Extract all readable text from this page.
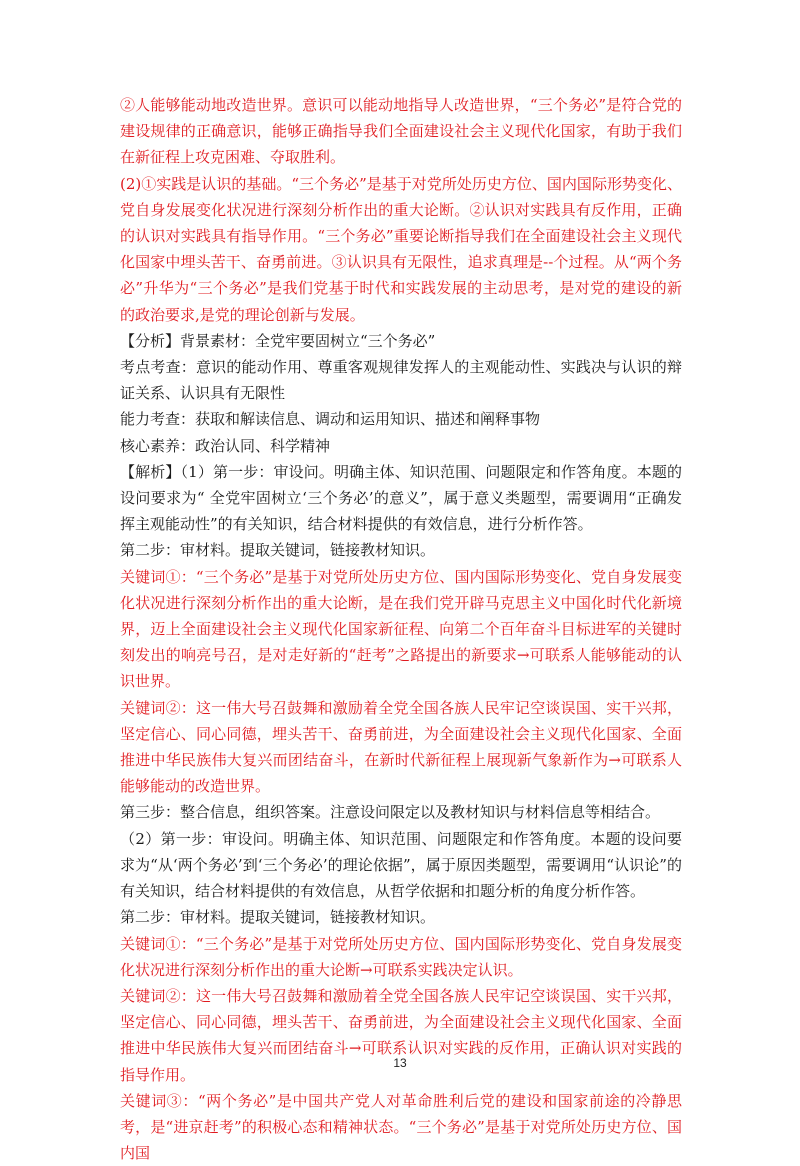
②人能够能动地改造世界。意识可以能动地指导人改造世界，“三个务必”是符合党的建设规律的正确意识，能够正确指导我们全面建设社会主义现代化国家，有助于我们在新征程上攻克困难、夺取胜利。

(2)①实践是认识的基础。“三个务必”是基于对党所处历史方位、国内国际形势变化、党自身发展变化状况进行深刻分析作出的重大论断。②认识对实践具有反作用，正确的认识对实践具有指导作用。“三个务必”重要论断指导我们在全面建设社会主义现代化国家中埋头苦干、奋勇前进。③认识具有无限性，追求真理是--个过程。从“两个务必”升华为“三个务必”是我们党基于时代和实践发展的主动思考，是对党的建设的新的政治要求,是党的理论创新与发展。

【分析】背景素材：全党牢要固树立“三个务必”

考点考查：意识的能动作用、尊重客观规律发挥人的主观能动性、实践决与认识的辩证关系、认识具有无限性

能力考查：获取和解读信息、调动和运用知识、描述和阐释事物

核心素养：政治认同、科学精神

【解析】（1）第一步：审设问。明确主体、知识范围、问题限定和作答角度。本题的设问要求为“ 全党牢固树立‘三个务必’的意义”，属于意义类题型，需要调用“正确发挥主观能动性”的有关知识，结合材料提供的有效信息，进行分析作答。

第二步：审材料。提取关键词，链接教材知识。

关键词①：“三个务必”是基于对党所处历史方位、国内国际形势变化、党自身发展变化状况进行深刻分析作出的重大论断，是在我们党开辟马克思主义中国化时代化新境界，迈上全面建设社会主义现代化国家新征程、向第二个百年奋斗目标进军的关键时刻发出的响亮号召，是对走好新的“赶考”之路提出的新要求→可联系人能够能动的认识世界。

关键词②：这一伟大号召鼓舞和激励着全党全国各族人民牢记空谈误国、实干兴邦，坚定信心、同心同德，埋头苦干、奋勇前进，为全面建设社会主义现代化国家、全面推进中华民族伟大复兴而团结奋斗，在新时代新征程上展现新气象新作为→可联系人能够能动的改造世界。

第三步：整合信息，组织答案。注意设问限定以及教材知识与材料信息等相结合。

（2）第一步：审设问。明确主体、知识范围、问题限定和作答角度。本题的设问要求为“从‘两个务必’到‘三个务必’的理论依据”，属于原因类题型，需要调用“认识论”的有关知识，结合材料提供的有效信息，从哲学依据和扣题分析的角度分析作答。

第二步：审材料。提取关键词，链接教材知识。

关键词①：“三个务必”是基于对党所处历史方位、国内国际形势变化、党自身发展变化状况进行深刻分析作出的重大论断→可联系实践决定认识。

关键词②：这一伟大号召鼓舞和激励着全党全国各族人民牢记空谈误国、实干兴邦，坚定信心、同心同德，埋头苦干、奋勇前进，为全面建设社会主义现代化国家、全面推进中华民族伟大复兴而团结奋斗→可联系认识对实践的反作用，正确认识对实践的指导作用。

关键词③：“两个务必”是中国共产党人对革命胜利后党的建设和国家前途的冷静思考，是“进京赶考”的积极心态和精神状态。“三个务必”是基于对党所处历史方位、国内国

13
